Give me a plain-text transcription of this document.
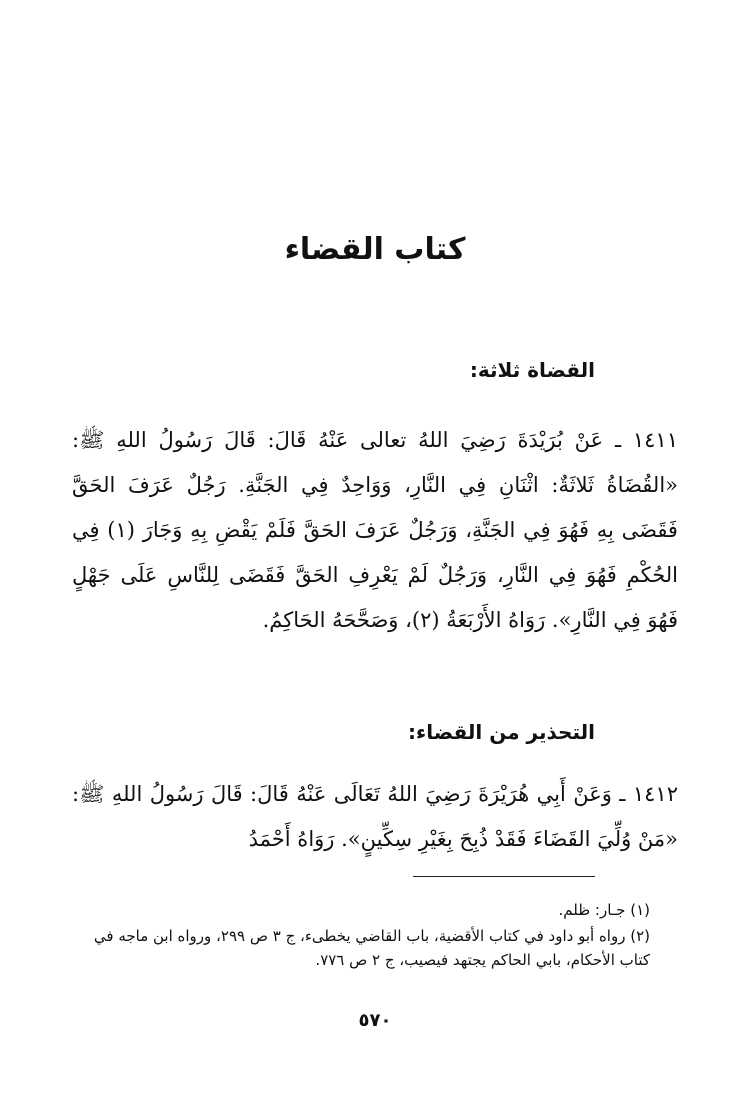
كتاب القضاء
القضاة ثلاثة:
١٤١١ ـ عَنْ بُرَيْدَةَ رَضِيَ اللهُ تعالى عَنْهُ قَالَ: قَالَ رَسُولُ اللهِ ﷺ: «القُضَاةُ ثَلاثَةٌ: اثْنَانِ فِي النَّارِ، وَوَاحِدٌ فِي الجَنَّةِ. رَجُلٌ عَرَفَ الحَقَّ فَقَضَى بِهِ فَهُوَ فِي الجَنَّةِ، وَرَجُلٌ عَرَفَ الحَقَّ فَلَمْ يَقْضِ بِهِ وَجَارَ (١) فِي الحُكْمِ فَهُوَ فِي النَّارِ، وَرَجُلٌ لَمْ يَعْرِفِ الحَقَّ فَقَضَى لِلنَّاسِ عَلَى جَهْلٍ فَهُوَ فِي النَّارِ». رَوَاهُ الأَرْبَعَةُ (٢)، وَصَحَّحَهُ الحَاكِمُ.
التحذير من القضاء:
١٤١٢ ـ وَعَنْ أَبِي هُرَيْرَةَ رَضِيَ اللهُ تَعَالَى عَنْهُ قَالَ: قَالَ رَسُولُ اللهِ ﷺ: «مَنْ وُلِّيَ القَضَاءَ فَقَدْ ذُبِحَ بِغَيْرِ سِكِّينٍ». رَوَاهُ أَحْمَدُ

(١) جـار: ظلم.

(٢) رواه أبو داود في كتاب الأقضية، باب القاضي يخطىء، ج ٣ ص ٢٩٩، ورواه ابن ماجه في كتاب الأحكام، بابي الحاكم يجتهد فيصيب، ج ٢ ص ٧٧٦.

٥٧٠
